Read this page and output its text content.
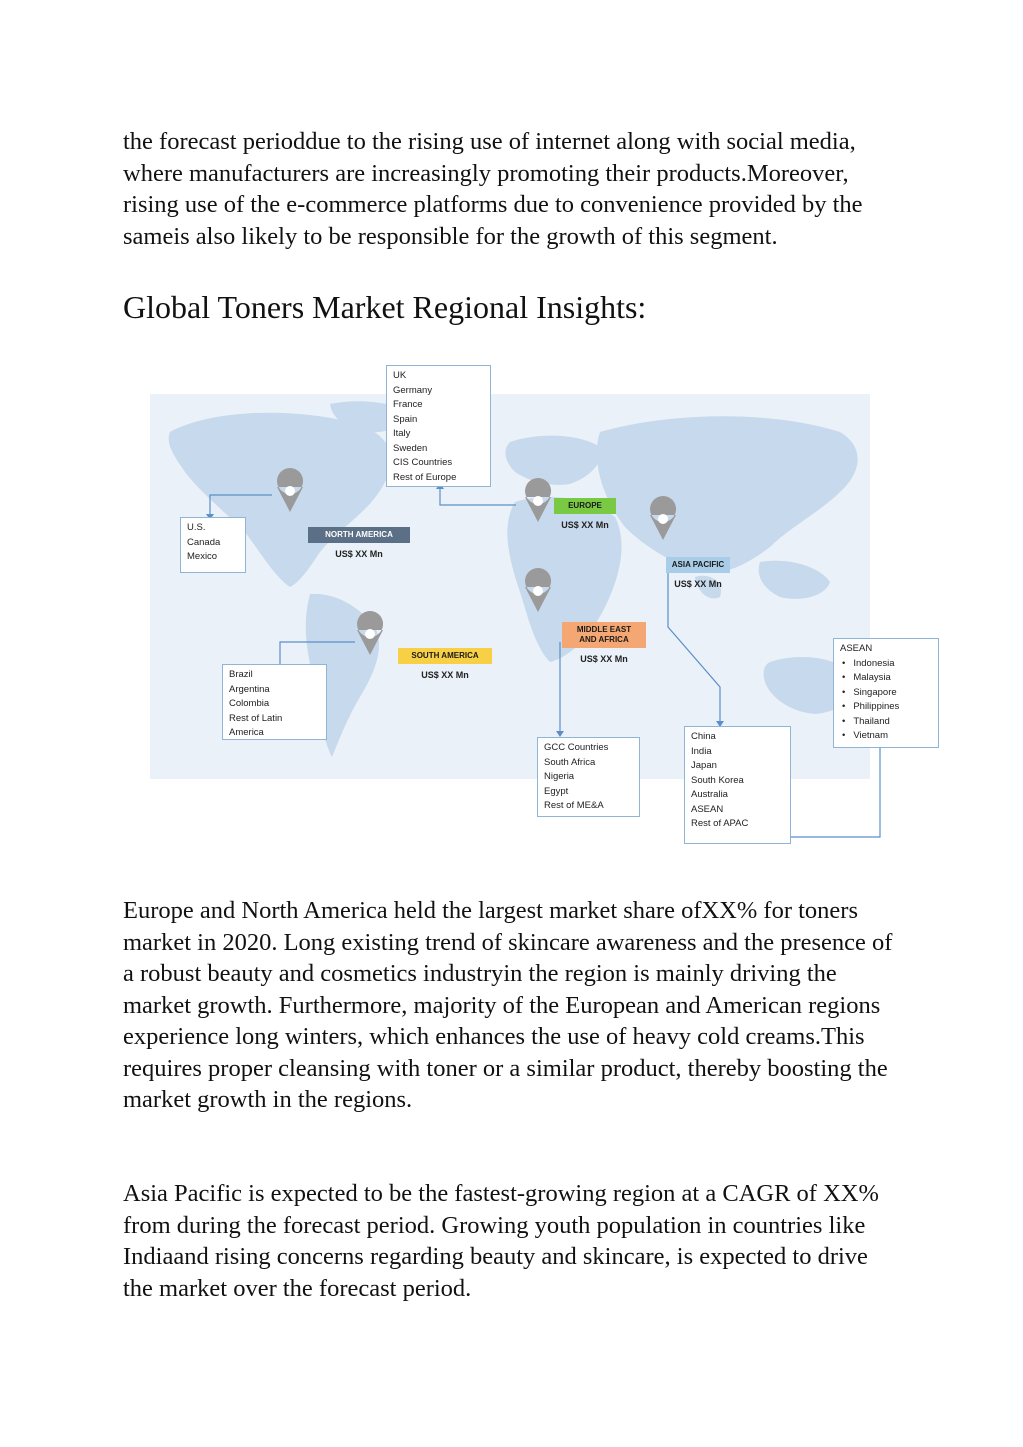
the forecast perioddue to the rising use of internet along with social media, where manufacturers are increasingly promoting their products.Moreover, rising use of the e-commerce platforms due to convenience provided by the sameis also likely to be responsible for the growth of this segment.

Global Toners Market Regional Insights:
NORTH AMERICA
US$ XX Mn
EUROPE
US$ XX Mn
ASIA PACIFIC
US$ XX Mn
MIDDLE EAST
AND AFRICA
US$ XX Mn
SOUTH AMERICA
US$ XX Mn
UK
Germany
France
Spain
Italy
Sweden
CIS Countries
Rest of Europe
U.S.
Canada
Mexico
Brazil
Argentina
Colombia
Rest of Latin
America
GCC Countries
South Africa
Nigeria
Egypt
Rest of ME&A
China
India
Japan
South Korea
Australia
ASEAN
Rest of APAC
ASEAN
• Indonesia
• Malaysia
• Singapore
• Philippines
• Thailand
• Vietnam

Europe and North America held the largest market share ofXX% for toners market in 2020. Long existing trend of skincare awareness and the presence of a robust beauty and cosmetics industryin the region is mainly driving the market growth. Furthermore, majority of the European and American regions experience long winters, which enhances the use of heavy cold creams.This requires proper cleansing with toner or a similar product, thereby boosting the market growth in the regions.

Asia Pacific is expected to be the fastest-growing region at a CAGR of XX% from during the forecast period. Growing youth population in countries like Indiaand rising concerns regarding beauty and skincare, is expected to drive the market over the forecast period.
